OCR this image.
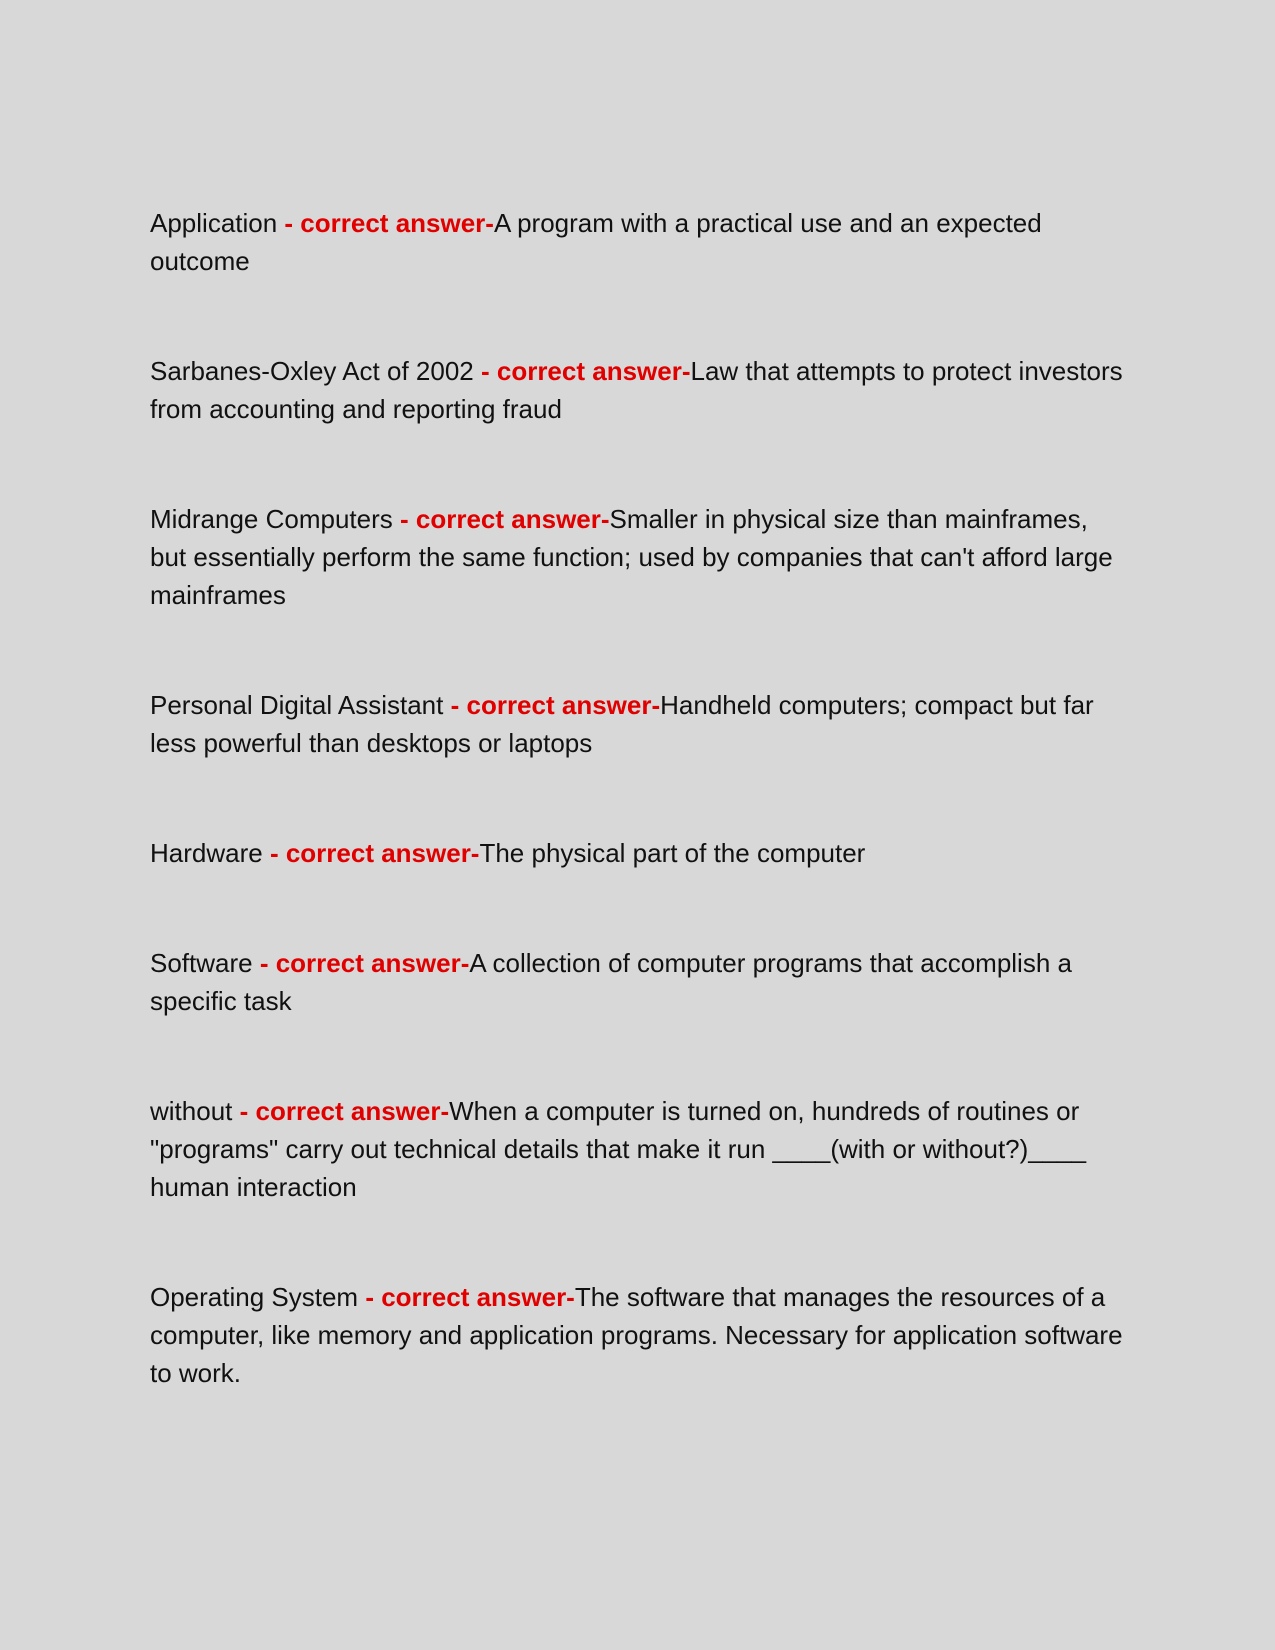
Application - correct answer-A program with a practical use and an expected outcome

Sarbanes-Oxley Act of 2002 - correct answer-Law that attempts to protect investors from accounting and reporting fraud

Midrange Computers - correct answer-Smaller in physical size than mainframes, but essentially perform the same function; used by companies that can't afford large mainframes

Personal Digital Assistant - correct answer-Handheld computers; compact but far less powerful than desktops or laptops

Hardware - correct answer-The physical part of the computer

Software - correct answer-A collection of computer programs that accomplish a specific task

without - correct answer-When a computer is turned on, hundreds of routines or "programs" carry out technical details that make it run ____(with or without?)____ human interaction

Operating System - correct answer-The software that manages the resources of a computer, like memory and application programs. Necessary for application software to work.
